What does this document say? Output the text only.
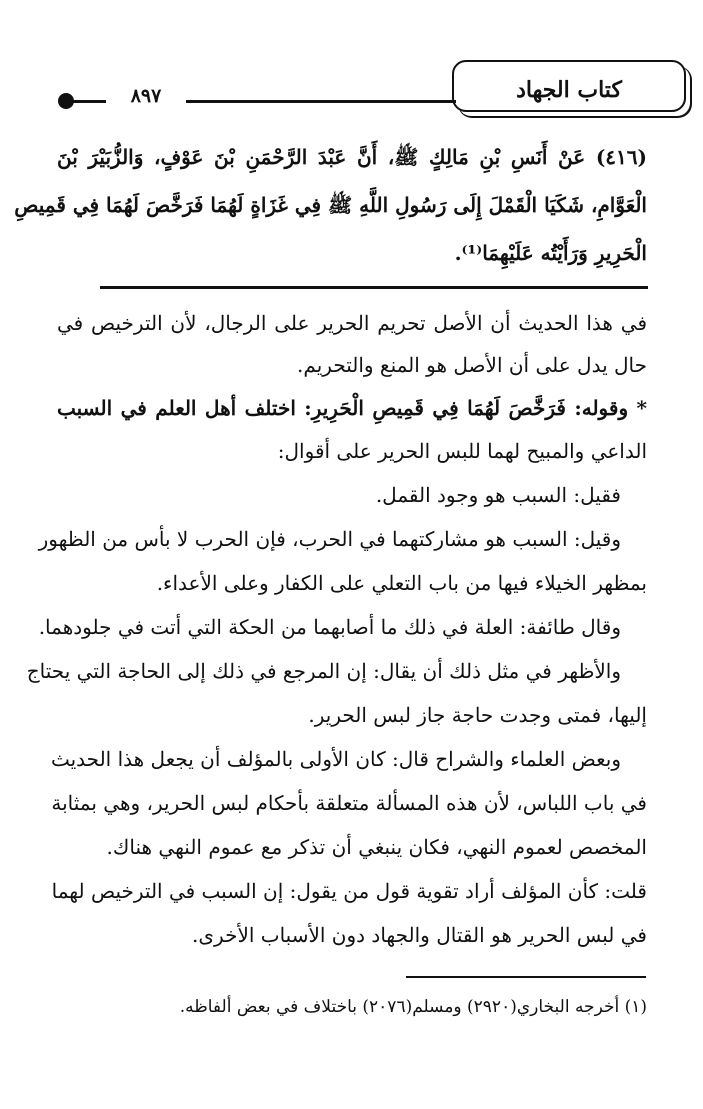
كتاب الجهاد
٨٩٧
(٤١٦) عَنْ أَنَسِ بْنِ مَالِكٍ ﷺ، أَنَّ عَبْدَ الرَّحْمَنِ بْنَ عَوْفٍ، وَالزُّبَيْرَ بْنَ
الْعَوَّامِ، شَكَيَا الْقَمْلَ إِلَى رَسُولِ اللَّهِ ﷺ فِي غَزَاةٍ لَهُمَا فَرَخَّصَ لَهُمَا فِي قَمِيصِ
الْحَرِيرِ وَرَأَيْتُه عَلَيْهِمَا⁽¹⁾.
في هذا الحديث أن الأصل تحريم الحرير على الرجال، لأن الترخيص في
حال يدل على أن الأصل هو المنع والتحريم.
* وقوله: فَرَخَّصَ لَهُمَا فِي قَمِيصِ الْحَرِيرِ: اختلف أهل العلم في السبب
الداعي والمبيح لهما للبس الحرير على أقوال:
فقيل: السبب هو وجود القمل.
وقيل: السبب هو مشاركتهما في الحرب، فإن الحرب لا بأس من الظهور
بمظهر الخيلاء فيها من باب التعلي على الكفار وعلى الأعداء.
وقال طائفة: العلة في ذلك ما أصابهما من الحكة التي أتت في جلودهما.
والأظهر في مثل ذلك أن يقال: إن المرجع في ذلك إلى الحاجة التي يحتاج
إليها، فمتى وجدت حاجة جاز لبس الحرير.
وبعض العلماء والشراح قال: كان الأولى بالمؤلف أن يجعل هذا الحديث
في باب اللباس، لأن هذه المسألة متعلقة بأحكام لبس الحرير، وهي بمثابة
المخصص لعموم النهي، فكان ينبغي أن تذكر مع عموم النهي هناك.
قلت: كأن المؤلف أراد تقوية قول من يقول: إن السبب في الترخيص لهما
في لبس الحرير هو القتال والجهاد دون الأسباب الأخرى.
(١) أخرجه البخاري(٢٩٢٠) ومسلم(٢٠٧٦) باختلاف في بعض ألفاظه.
